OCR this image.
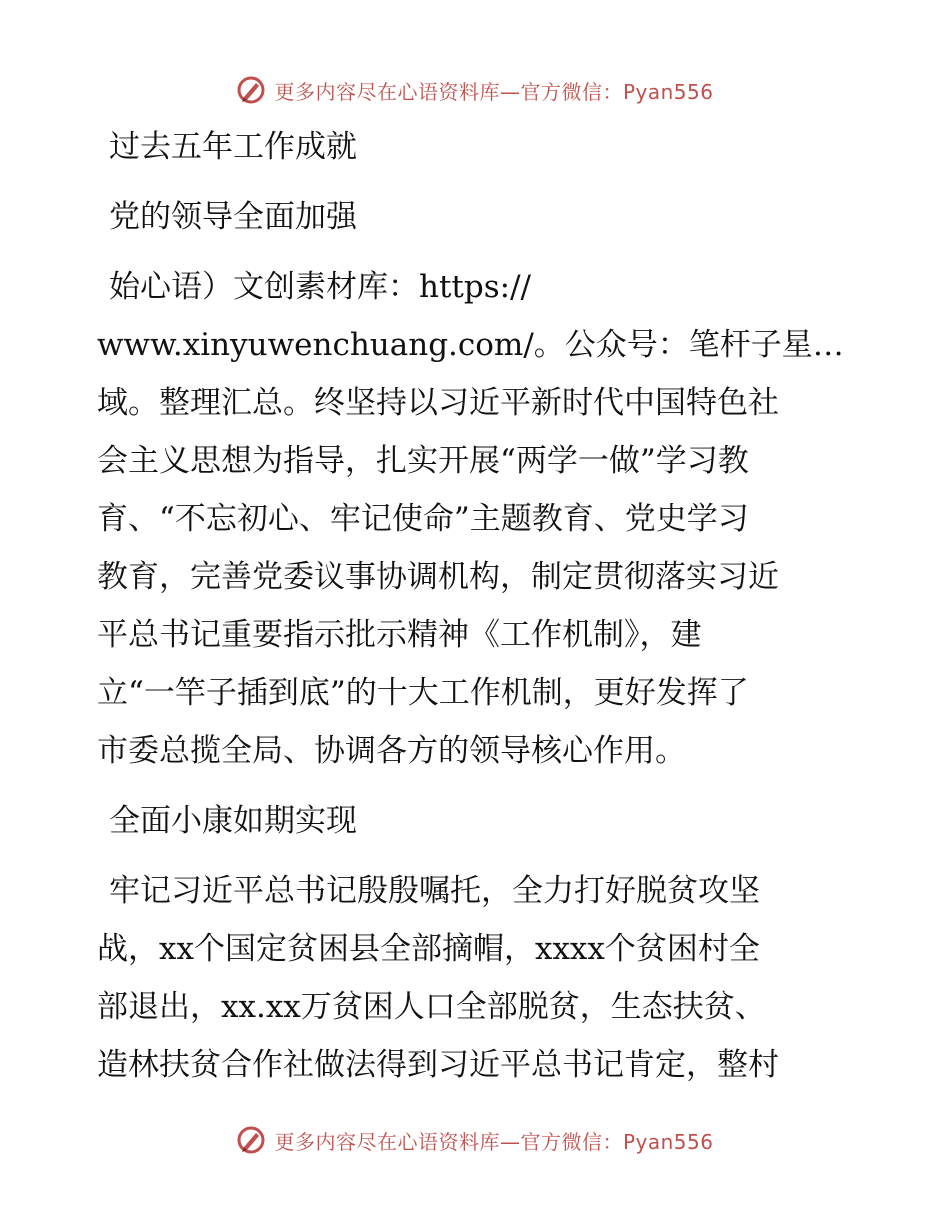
更多内容尽在心语资料库—官方微信：Pyan556

过去五年工作成就

党的领导全面加强

始心语）文创素材库：https://

www.xinyuwenchuang.com/。公众号：笔杆子星…

域。整理汇总。终坚持以习近平新时代中国特色社

会主义思想为指导，扎实开展“两学一做”学习教

育、“不忘初心、牢记使命”主题教育、党史学习

教育，完善党委议事协调机构，制定贯彻落实习近

平总书记重要指示批示精神《工作机制》，建

立“一竿子插到底”的十大工作机制，更好发挥了

市委总揽全局、协调各方的领导核心作用。

全面小康如期实现

牢记习近平总书记殷殷嘱托，全力打好脱贫攻坚

战，xx个国定贫困县全部摘帽，xxxx个贫困村全

部退出，xx.xx万贫困人口全部脱贫，生态扶贫、

造林扶贫合作社做法得到习近平总书记肯定，整村

更多内容尽在心语资料库—官方微信：Pyan556
